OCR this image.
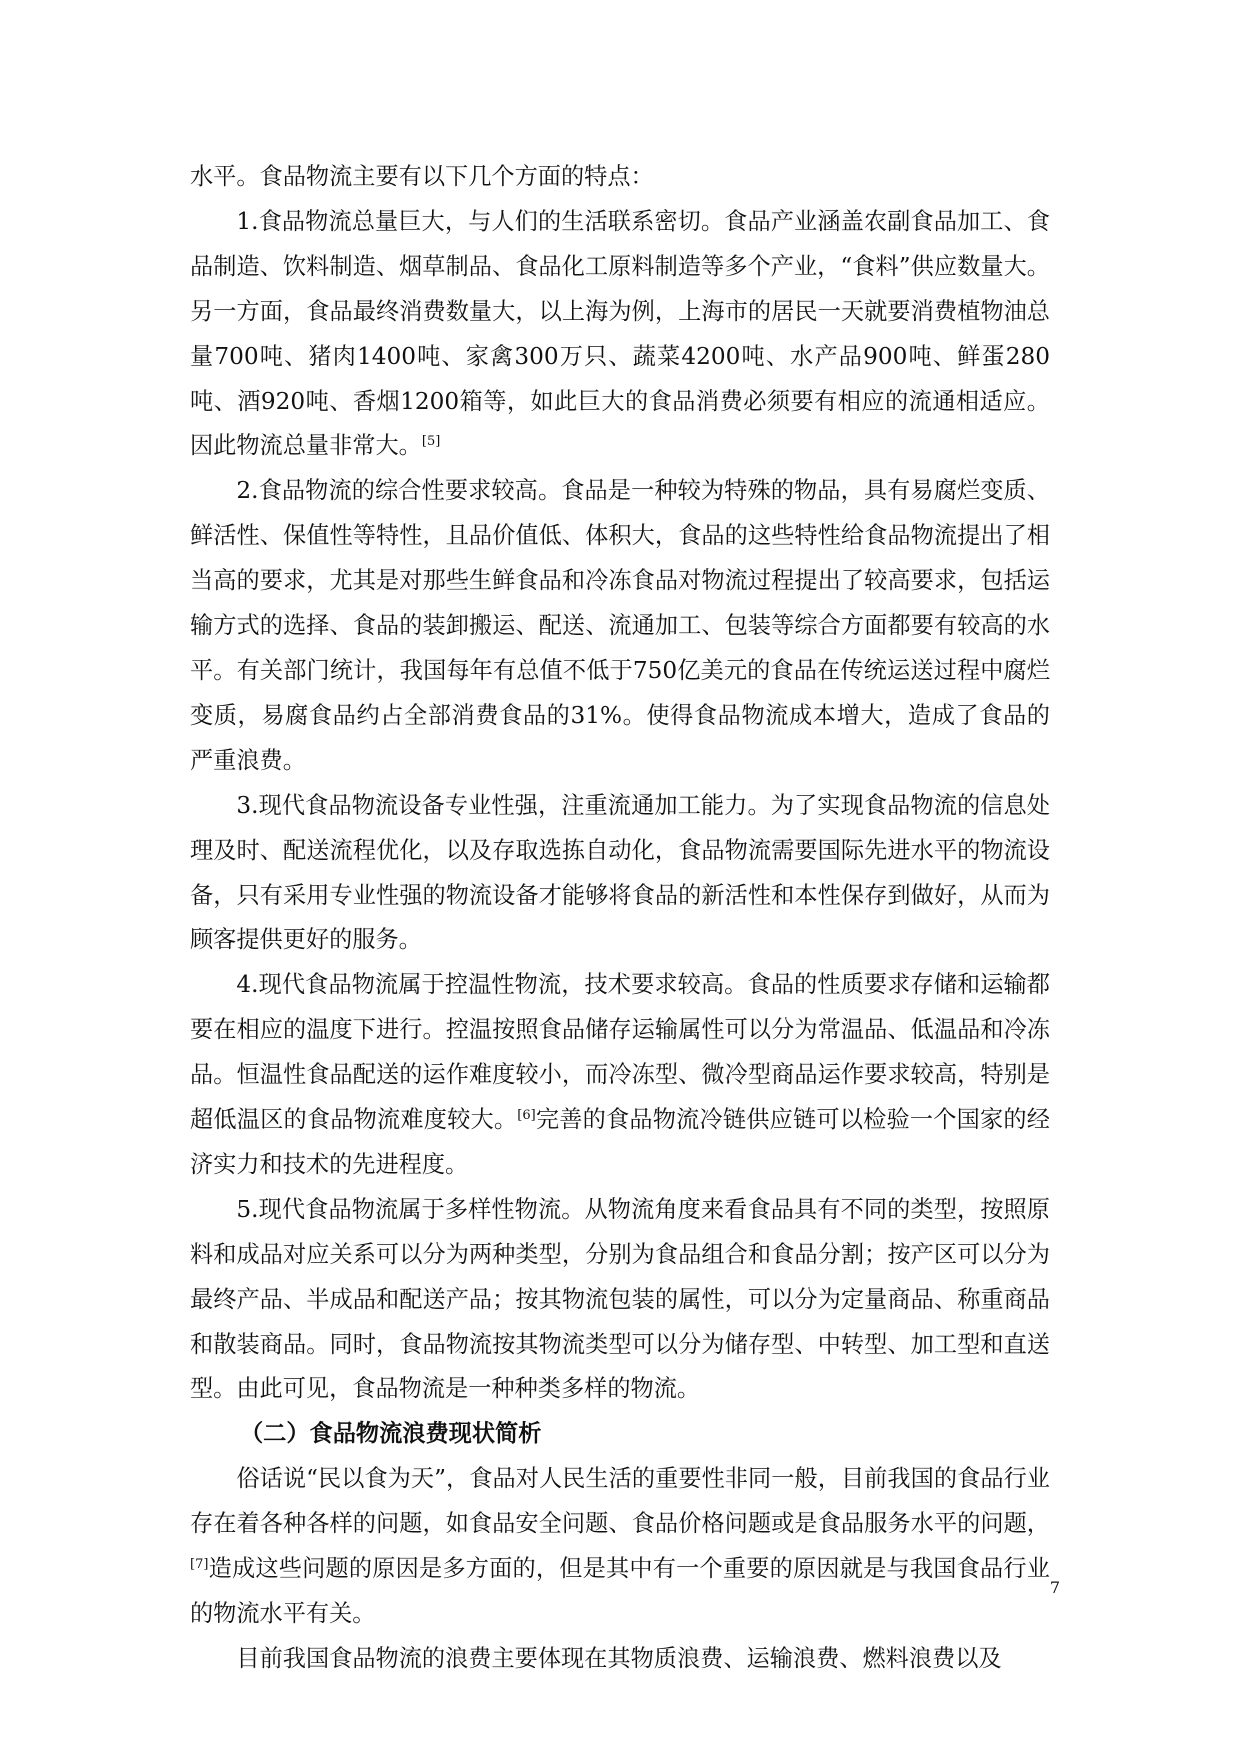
水平。食品物流主要有以下几个方面的特点：

1.食品物流总量巨大，与人们的生活联系密切。食品产业涵盖农副食品加工、食品制造、饮料制造、烟草制品、食品化工原料制造等多个产业，“食料”供应数量大。另一方面，食品最终消费数量大，以上海为例，上海市的居民一天就要消费植物油总量700吨、猪肉1400吨、家禽300万只、蔬菜4200吨、水产品900吨、鲜蛋280吨、酒920吨、香烟1200箱等，如此巨大的食品消费必须要有相应的流通相适应。因此物流总量非常大。[5]

2.食品物流的综合性要求较高。食品是一种较为特殊的物品，具有易腐烂变质、鲜活性、保值性等特性，且品价值低、体积大，食品的这些特性给食品物流提出了相当高的要求，尤其是对那些生鲜食品和冷冻食品对物流过程提出了较高要求，包括运输方式的选择、食品的装卸搬运、配送、流通加工、包装等综合方面都要有较高的水平。有关部门统计，我国每年有总值不低于750亿美元的食品在传统运送过程中腐烂变质，易腐食品约占全部消费食品的31%。使得食品物流成本增大，造成了食品的严重浪费。

3.现代食品物流设备专业性强，注重流通加工能力。为了实现食品物流的信息处理及时、配送流程优化，以及存取选拣自动化，食品物流需要国际先进水平的物流设备，只有采用专业性强的物流设备才能够将食品的新活性和本性保存到做好，从而为顾客提供更好的服务。

4.现代食品物流属于控温性物流，技术要求较高。食品的性质要求存储和运输都要在相应的温度下进行。控温按照食品储存运输属性可以分为常温品、低温品和冷冻品。恒温性食品配送的运作难度较小，而冷冻型、微冷型商品运作要求较高，特别是超低温区的食品物流难度较大。[6]完善的食品物流冷链供应链可以检验一个国家的经济实力和技术的先进程度。

5.现代食品物流属于多样性物流。从物流角度来看食品具有不同的类型，按照原料和成品对应关系可以分为两种类型，分别为食品组合和食品分割；按产区可以分为最终产品、半成品和配送产品；按其物流包装的属性，可以分为定量商品、称重商品和散装商品。同时，食品物流按其物流类型可以分为储存型、中转型、加工型和直送型。由此可见，食品物流是一种种类多样的物流。

（二）食品物流浪费现状简析

俗话说“民以食为天”，食品对人民生活的重要性非同一般，目前我国的食品行业存在着各种各样的问题，如食品安全问题、食品价格问题或是食品服务水平的问题，[7]造成这些问题的原因是多方面的，但是其中有一个重要的原因就是与我国食品行业的物流水平有关。

目前我国食品物流的浪费主要体现在其物质浪费、运输浪费、燃料浪费以及

7
